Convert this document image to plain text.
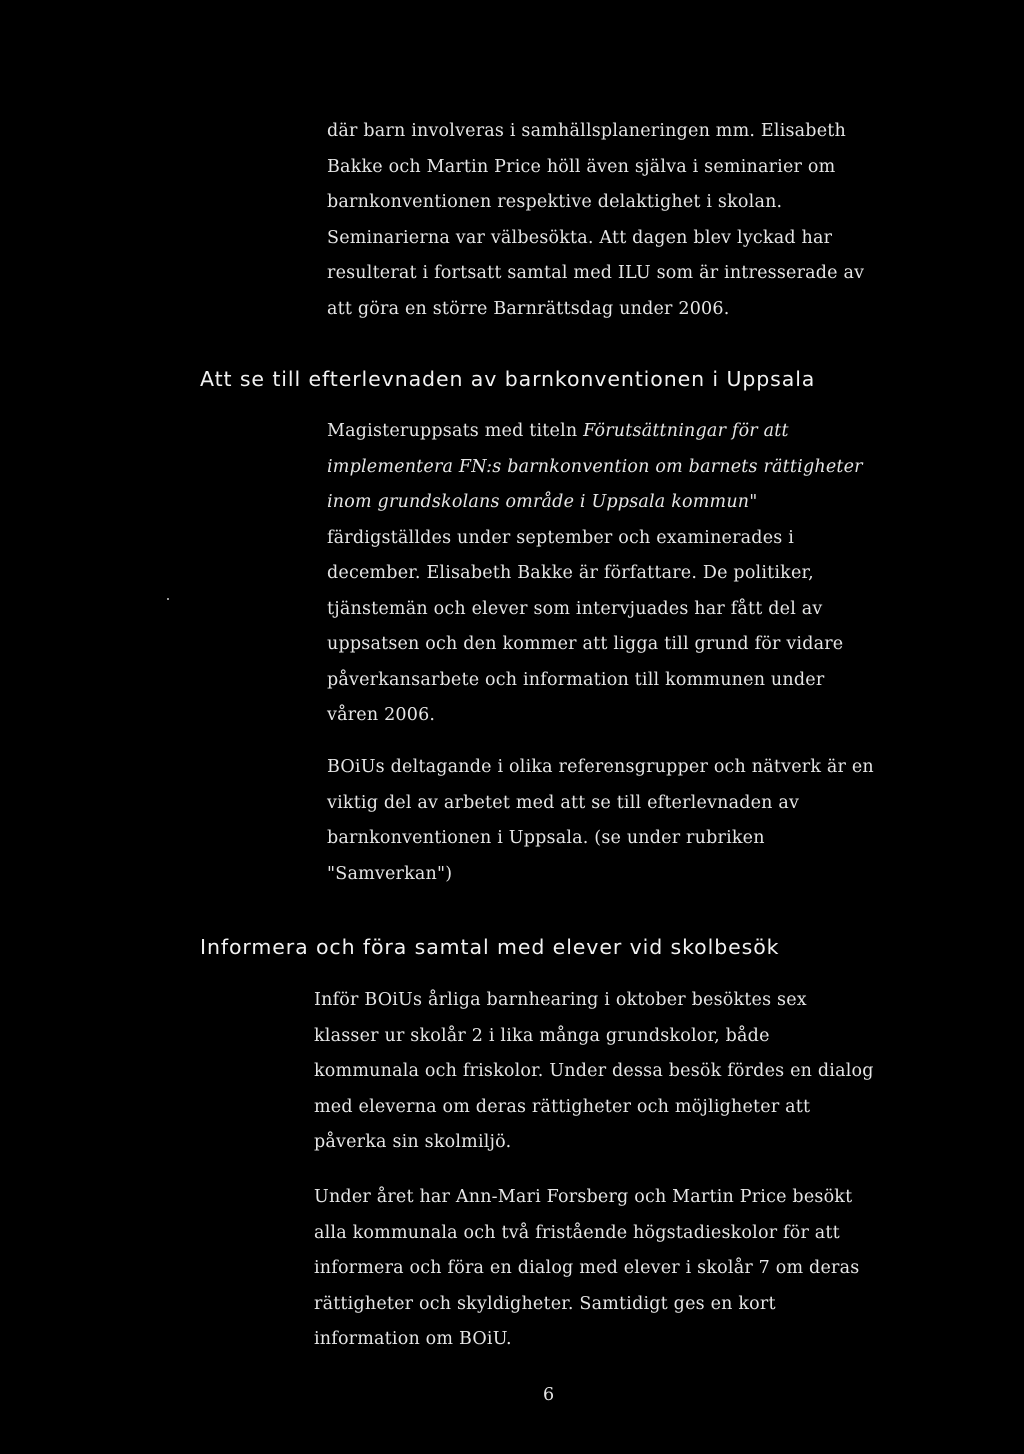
där barn involveras i samhällsplaneringen mm. Elisabeth
Bakke och Martin Price höll även själva i seminarier om
barnkonventionen respektive delaktighet i skolan.
Seminarierna var välbesökta. Att dagen blev lyckad har
resulterat i fortsatt samtal med ILU som är intresserade av
att göra en större Barnrättsdag under 2006.

Att se till efterlevnaden av barnkonventionen i Uppsala

Magisteruppsats med titeln Förutsättningar för att
implementera FN:s barnkonvention om barnets rättigheter
inom grundskolans område i Uppsala kommun"
färdigställdes under september och examinerades i
december. Elisabeth Bakke är författare. De politiker,
tjänstemän och elever som intervjuades har fått del av
uppsatsen och den kommer att ligga till grund för vidare
påverkansarbete och information till kommunen under
våren 2006.

BOiUs deltagande i olika referensgrupper och nätverk är en
viktig del av arbetet med att se till efterlevnaden av
barnkonventionen i Uppsala. (se under rubriken
"Samverkan")

Informera och föra samtal med elever vid skolbesök

Inför BOiUs årliga barnhearing i oktober besöktes sex
klasser ur skolår 2 i lika många grundskolor, både
kommunala och friskolor. Under dessa besök fördes en dialog
med eleverna om deras rättigheter och möjligheter att
påverka sin skolmiljö.

Under året har Ann-Mari Forsberg och Martin Price besökt
alla kommunala och två fristående högstadieskolor för att
informera och föra en dialog med elever i skolår 7 om deras
rättigheter och skyldigheter. Samtidigt ges en kort
information om BOiU.

6
